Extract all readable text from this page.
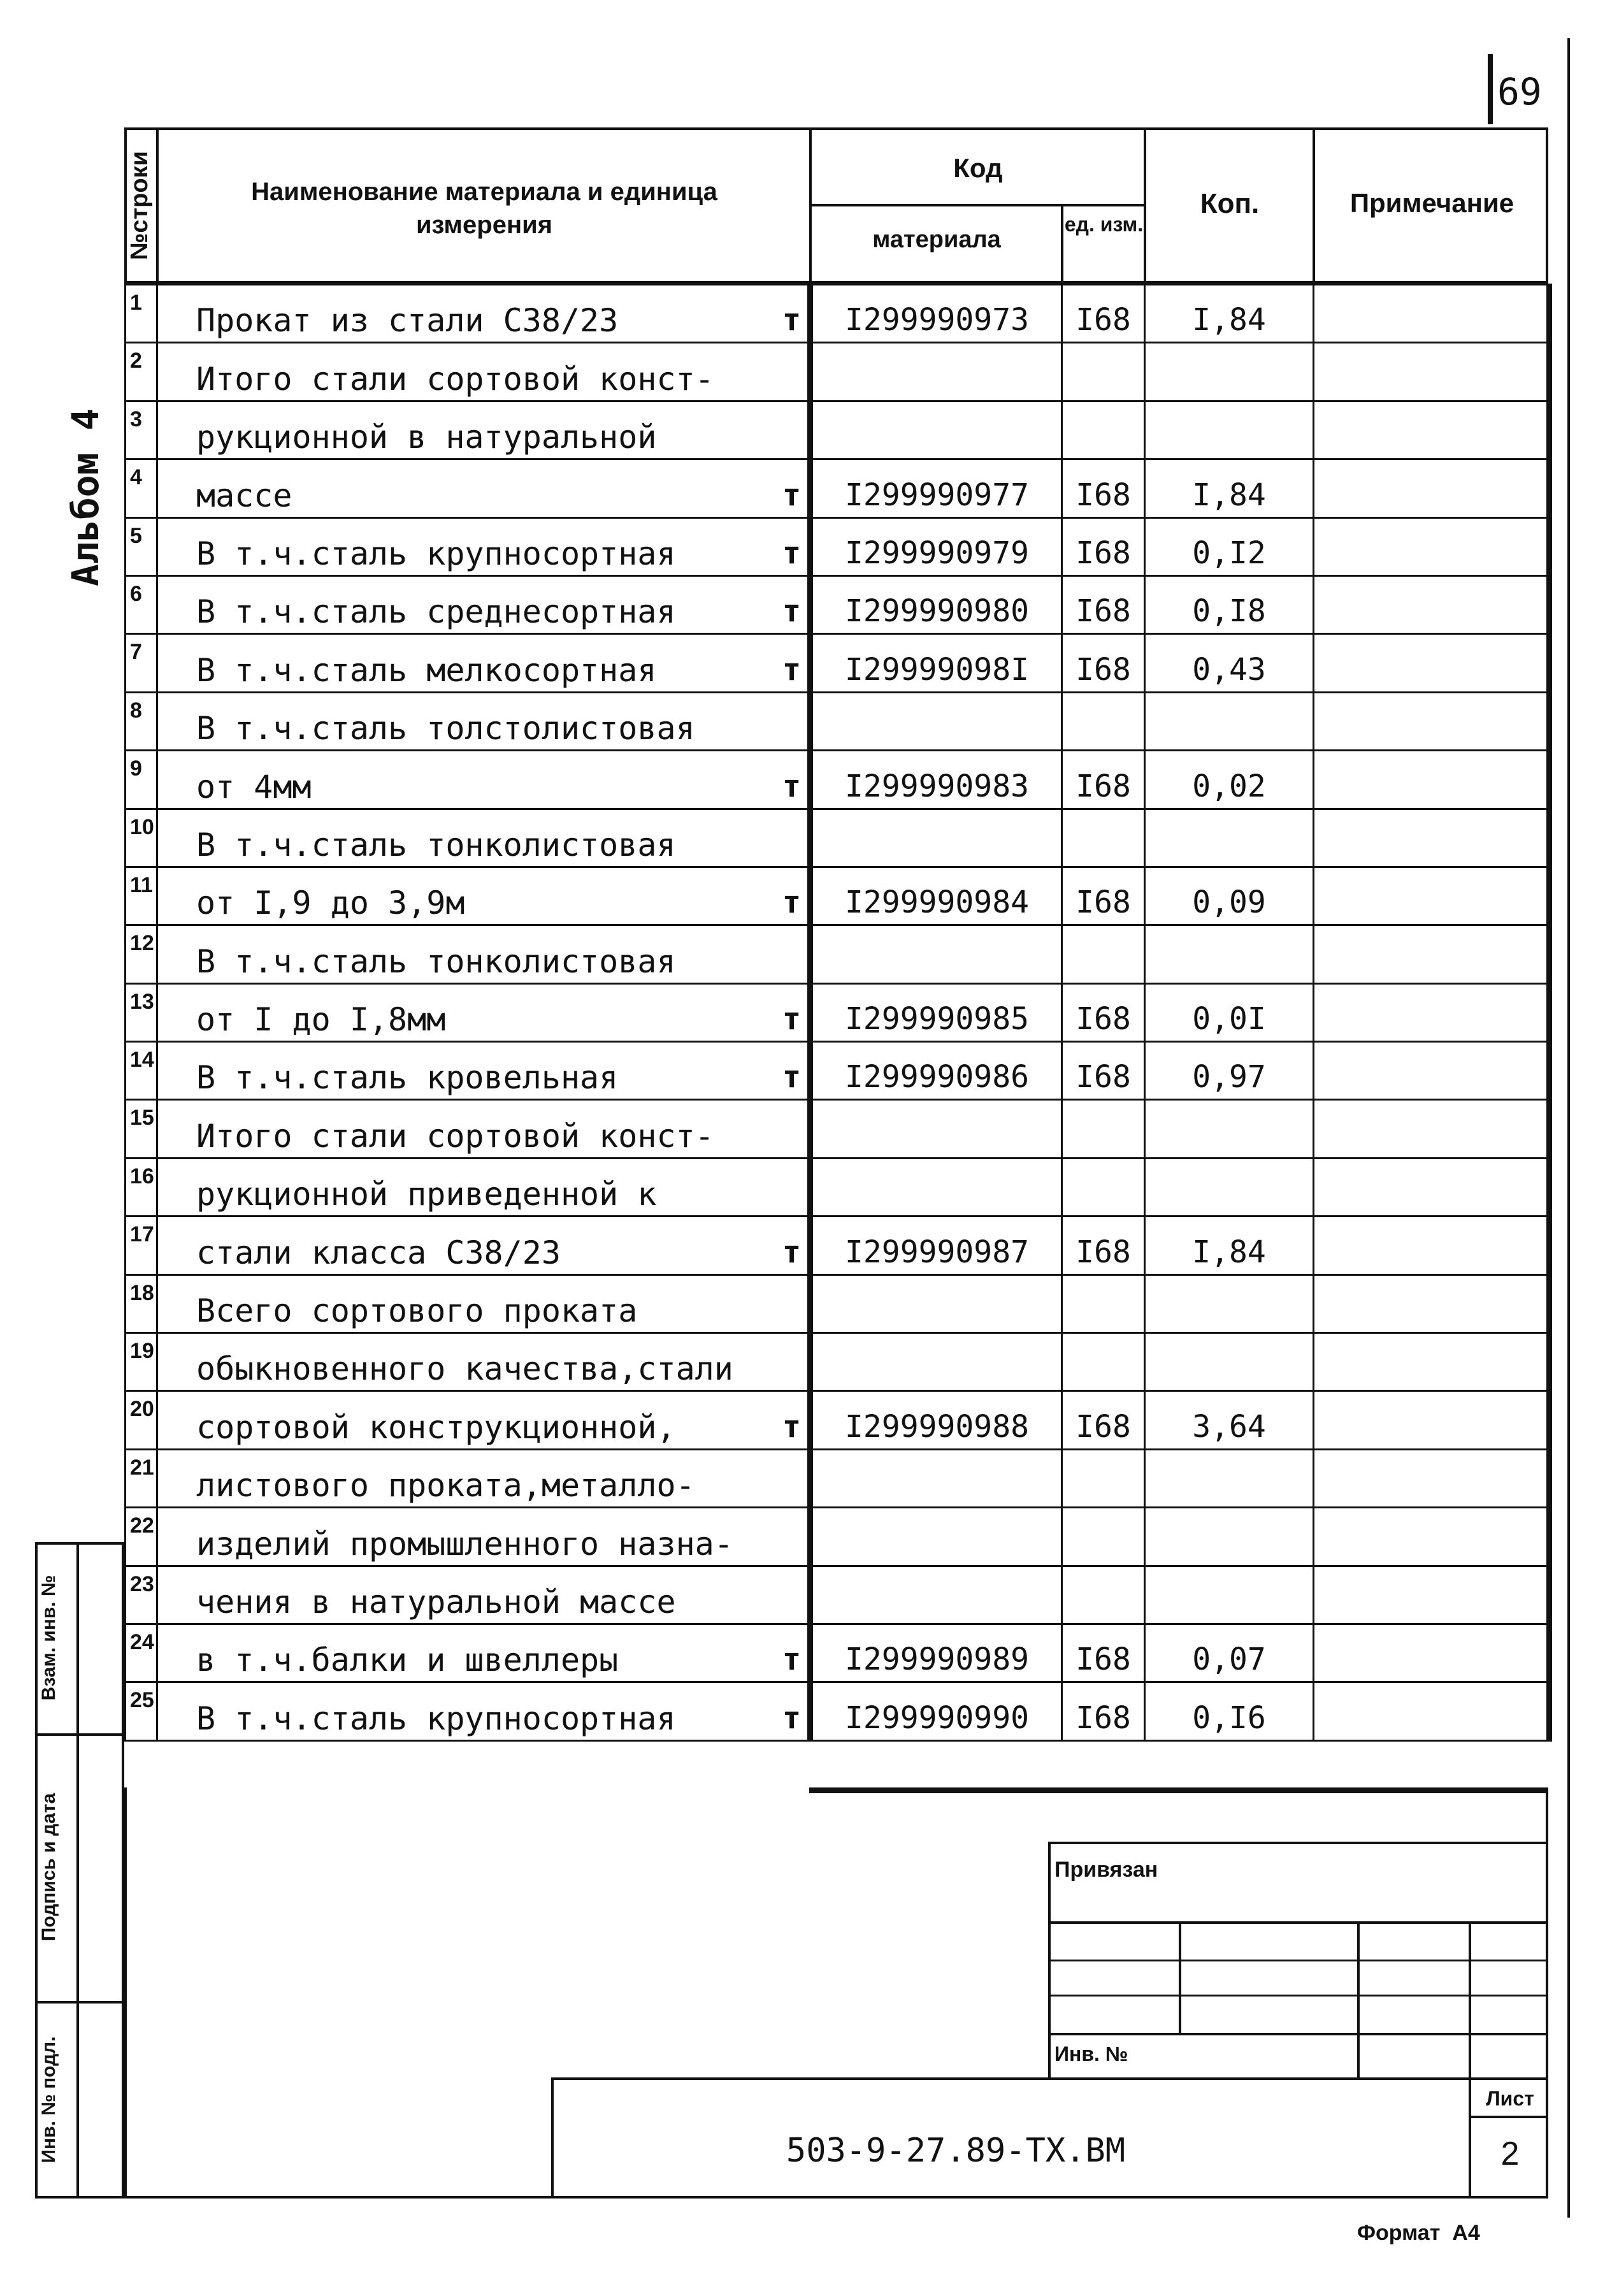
69
Альбом 4
№строки	Наименование материала и единица измерения
Код
материала
ед. изм.
Коп.	Примечание
1	Прокат из стали С38/23 т	I299990973	I68	I,84	
2	Итого стали сортовой конст-

3	рукционной в натуральной

4	массе т	I299990977	I68	I,84	
5	В т.ч.сталь крупносортная т	I299990979	I68	0,I2	
6	В т.ч.сталь среднесортная т	I299990980	I68	0,I8	
7	В т.ч.сталь мелкосортная т	I29999098I	I68	0,43	
8	В т.ч.сталь толстолистовая

9	от 4мм т	I299990983	I68	0,02	
10	В т.ч.сталь тонколистовая

11	от I,9 до 3,9м т	I299990984	I68	0,09	
12	В т.ч.сталь тонколистовая

13	от I до I,8мм т	I299990985	I68	0,0I	
14	В т.ч.сталь кровельная т	I299990986	I68	0,97	
15	Итого стали сортовой конст-

16	рукционной приведенной к

17	стали класса С38/23 т	I299990987	I68	I,84	
18	Всего сортового проката

19	обыкновенного качества,стали

20	сортовой конструкционной, т	I299990988	I68	3,64	
21	листового проката,металло-

22	изделий промышленного назна-

23	чения в натуральной массе

24	в т.ч.балки и швеллеры т	I299990989	I68	0,07	
25	В т.ч.сталь крупносортная т	I299990990	I68	0,I6	
Взам. инв. №
Подпись и дата
Инв. № подл.
Привязан
Инв. №
503-9-27.89-ТХ.ВМ
Лист
2
Формат  А4
